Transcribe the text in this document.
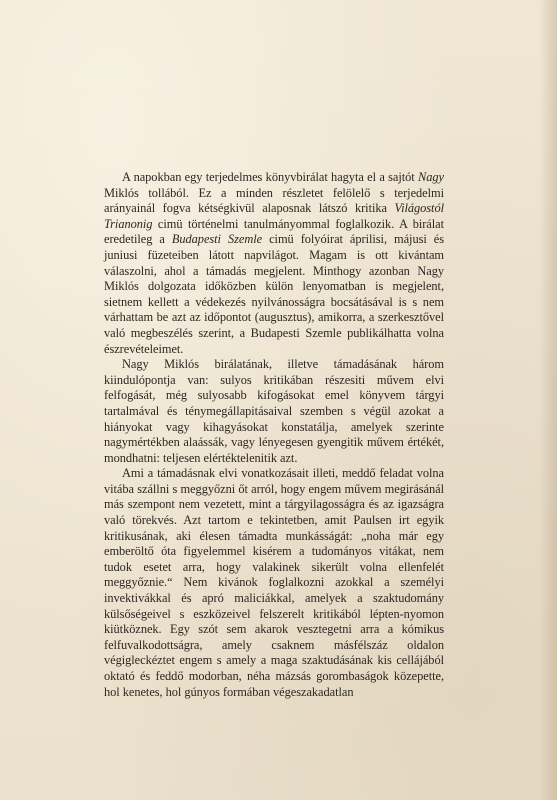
A napokban egy terjedelmes könyvbirálat hagyta el a sajtót Nagy Miklós tollából. Ez a minden részletet felölelő s terjedelmi arányainál fogva kétségkivül alaposnak látszó kritika Világostól Trianonig cimü történelmi tanulmányommal foglalkozik. A birálat eredetileg a Budapesti Szemle cimü folyóirat áprilisi, májusi és juniusi füzeteiben látott napvilágot. Magam is ott kivántam válaszolni, ahol a támadás megjelent. Minthogy azonban Nagy Miklós dolgozata időközben külön lenyomatban is megjelent, sietnem kellett a védekezés nyilvánosságra bocsátásával is s nem várhattam be azt az időpontot (augusztus), amikorra, a szerkesztővel való megbeszélés szerint, a Budapesti Szemle publikálhatta volna észrevételeimet.

Nagy Miklós birálatának, illetve támadásának három kiindulópontja van: sulyos kritikában részesiti művem elvi felfogását, még sulyosabb kifogásokat emel könyvem tárgyi tartalmával és ténymegállapitásaival szemben s végül azokat a hiányokat vagy kihagyásokat konstatálja, amelyek szerinte nagymértékben alaássák, vagy lényegesen gyengitik művem értékét, mondhatni: teljesen elértéktelenitik azt.

Ami a támadásnak elvi vonatkozásait illeti, meddő feladat volna vitába szállni s meggyőzni őt arról, hogy engem művem megirásánál más szempont nem vezetett, mint a tárgyilagosságra és az igazságra való törekvés. Azt tartom e tekintetben, amit Paulsen irt egyik kritikusának, aki élesen támadta munkásságát: „noha már egy emberöltő óta figyelemmel kisérem a tudományos vitákat, nem tudok esetet arra, hogy valakinek sikerült volna ellenfelét meggyőznie.“ Nem kivánok foglalkozni azokkal a személyi invektivákkal és apró maliciákkal, amelyek a szaktudomány külsőségeivel s eszközeivel felszerelt kritikából lépten-nyomon kiütköznek. Egy szót sem akarok vesztegetni arra a kómikus felfuvalkodottságra, amely csaknem másfélszáz oldalon végigleckéztet engem s amely a maga szaktudásának kis cellájából oktató és feddő modorban, néha mázsás gorombaságok közepette, hol kenetes, hol gúnyos formában végeszakadatlan
